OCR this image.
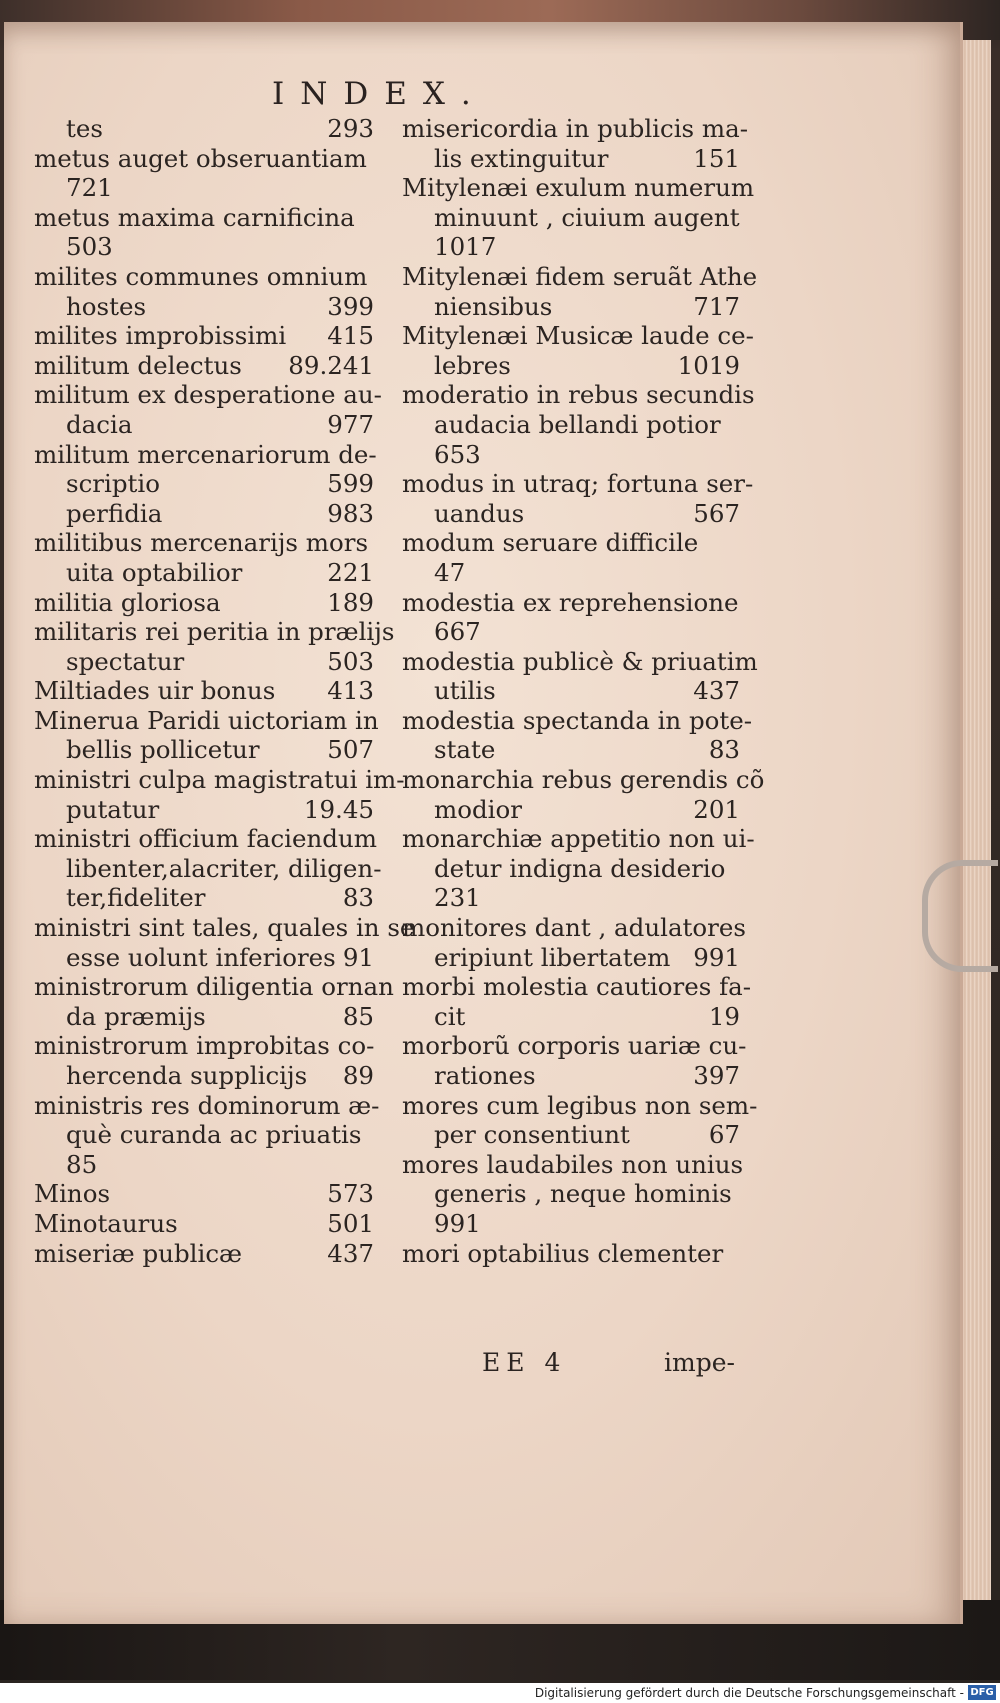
INDEX.
tes	293
metus auget obseruantiam
721
metus maxima carnificina
503
milites communes omnium
hostes	399
milites improbissimi 415
militum delectus 89.241
militum ex desperatione au-
dacia	977
militum mercenariorum de-
scriptio	599
perfidia	983
militibus mercenarijs mors
uita optabilior	221
militia gloriosa	189
militaris rei peritia in prælijs
spectatur	503
Miltiades uir bonus 413
Minerua Paridi uictoriam in
bellis pollicetur	507
ministri culpa magistratui im-
putatur	19.45
ministri officium faciendum
libenter,alacriter, diligen-
ter,fideliter	83
ministri sint tales, quales in se
esse uolunt inferiores 91
ministrorum diligentia ornan
da præmijs	85
ministrorum improbitas co-
hercenda supplicijs 89
ministris res dominorum æ-
què curanda ac priuatis
85
Minos	573
Minotaurus	501
miseriæ publicæ	437
misericordia in publicis ma-
lis extinguitur	151
Mitylenæi exulum numerum
minuunt , ciuium augent
1017
Mitylenæi fidem seruãt Athe
niensibus	717
Mitylenæi Musicæ laude ce-
lebres	1019
moderatio in rebus secundis
audacia bellandi potior
653
modus in utraq; fortuna ser-
uandus	567
modum seruare difficile
47
modestia ex reprehensione
667
modestia publicè & priuatim
utilis	437
modestia spectanda in pote-
state	83
monarchia rebus gerendis cõ
modior	201
monarchiæ appetitio non ui-
detur indigna desiderio
231
monitores dant , adulatores
eripiunt libertatem 991
morbi molestia cautiores fa-
cit	19
morborũ corporis uariæ cu-
rationes	397
mores cum legibus non sem-
per consentiunt	67
mores laudabiles non unius
generis , neque hominis
991
mori optabilius clementer
EE 4	impe-
Digitalisierung gefördert durch die Deutsche Forschungsgemeinschaft - DFG
